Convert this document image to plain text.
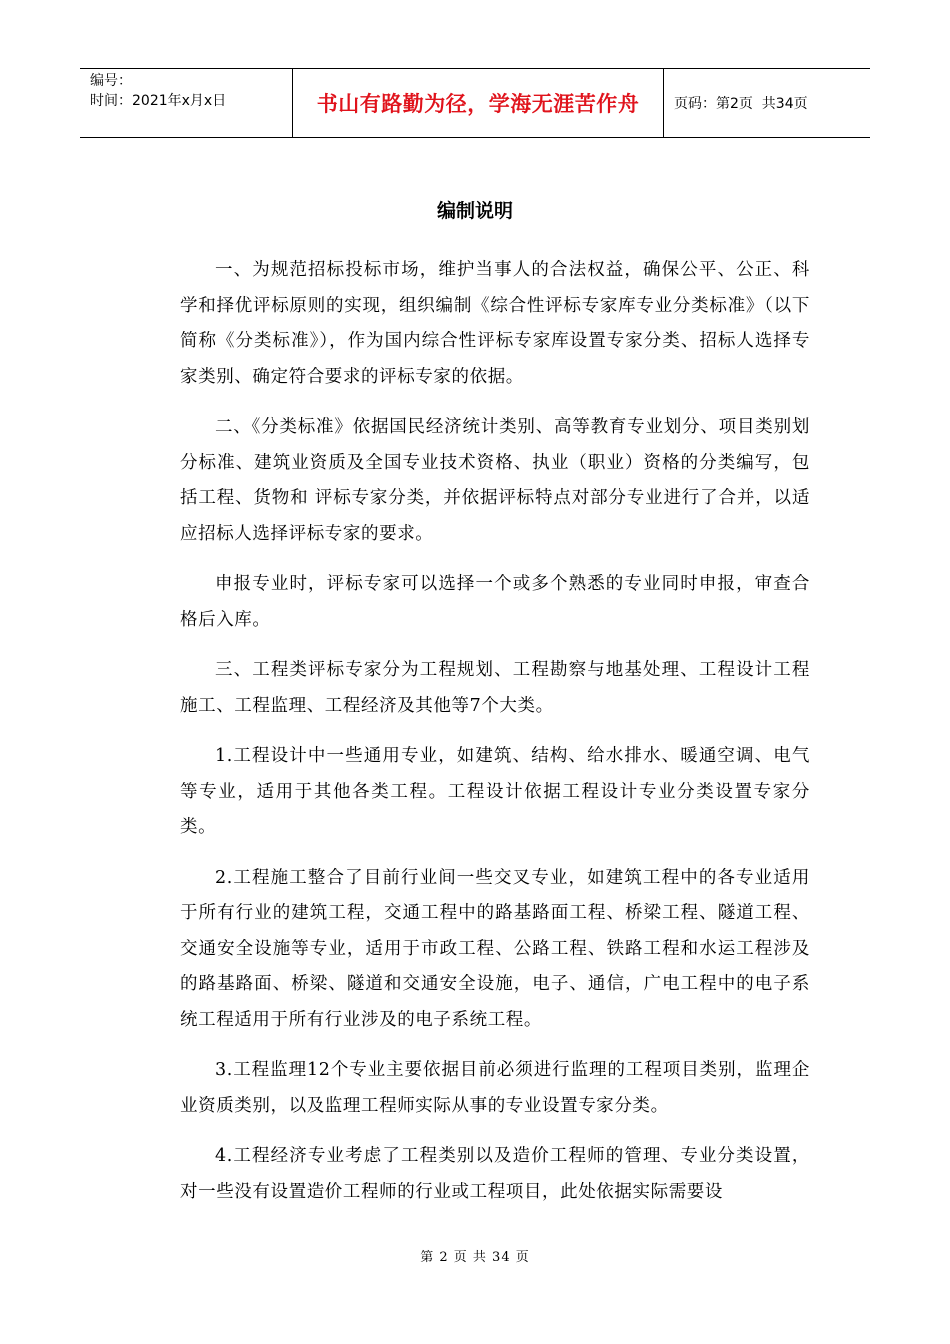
编号：
时间：2021年x月x日	书山有路勤为径，学海无涯苦作舟	页码：第2页  共34页
编制说明

一、为规范招标投标市场，维护当事人的合法权益，确保公平、公正、科学和择优评标原则的实现，组织编制《综合性评标专家库专业分类标准》（以下简称《分类标准》），作为国内综合性评标专家库设置专家分类、招标人选择专家类别、确定符合要求的评标专家的依据。

二、《分类标准》依据国民经济统计类别、高等教育专业划分、项目类别划分标准、建筑业资质及全国专业技术资格、执业（职业）资格的分类编写，包括工程、货物和 评标专家分类，并依据评标特点对部分专业进行了合并，以适应招标人选择评标专家的要求。

申报专业时，评标专家可以选择一个或多个熟悉的专业同时申报，审查合格后入库。

三、工程类评标专家分为工程规划、工程勘察与地基处理、工程设计工程施工、工程监理、工程经济及其他等7个大类。

1.工程设计中一些通用专业，如建筑、结构、给水排水、暖通空调、电气等专业，适用于其他各类工程。工程设计依据工程设计专业分类设置专家分类。

2.工程施工整合了目前行业间一些交叉专业，如建筑工程中的各专业适用于所有行业的建筑工程，交通工程中的路基路面工程、桥梁工程、隧道工程、交通安全设施等专业，适用于市政工程、公路工程、铁路工程和水运工程涉及的路基路面、桥梁、隧道和交通安全设施，电子、通信，广电工程中的电子系统工程适用于所有行业涉及的电子系统工程。

3.工程监理12个专业主要依据目前必须进行监理的工程项目类别，监理企业资质类别，以及监理工程师实际从事的专业设置专家分类。

4.工程经济专业考虑了工程类别以及造价工程师的管理、专业分类设置，对一些没有设置造价工程师的行业或工程项目，此处依据实际需要设

第 2 页 共 34 页
